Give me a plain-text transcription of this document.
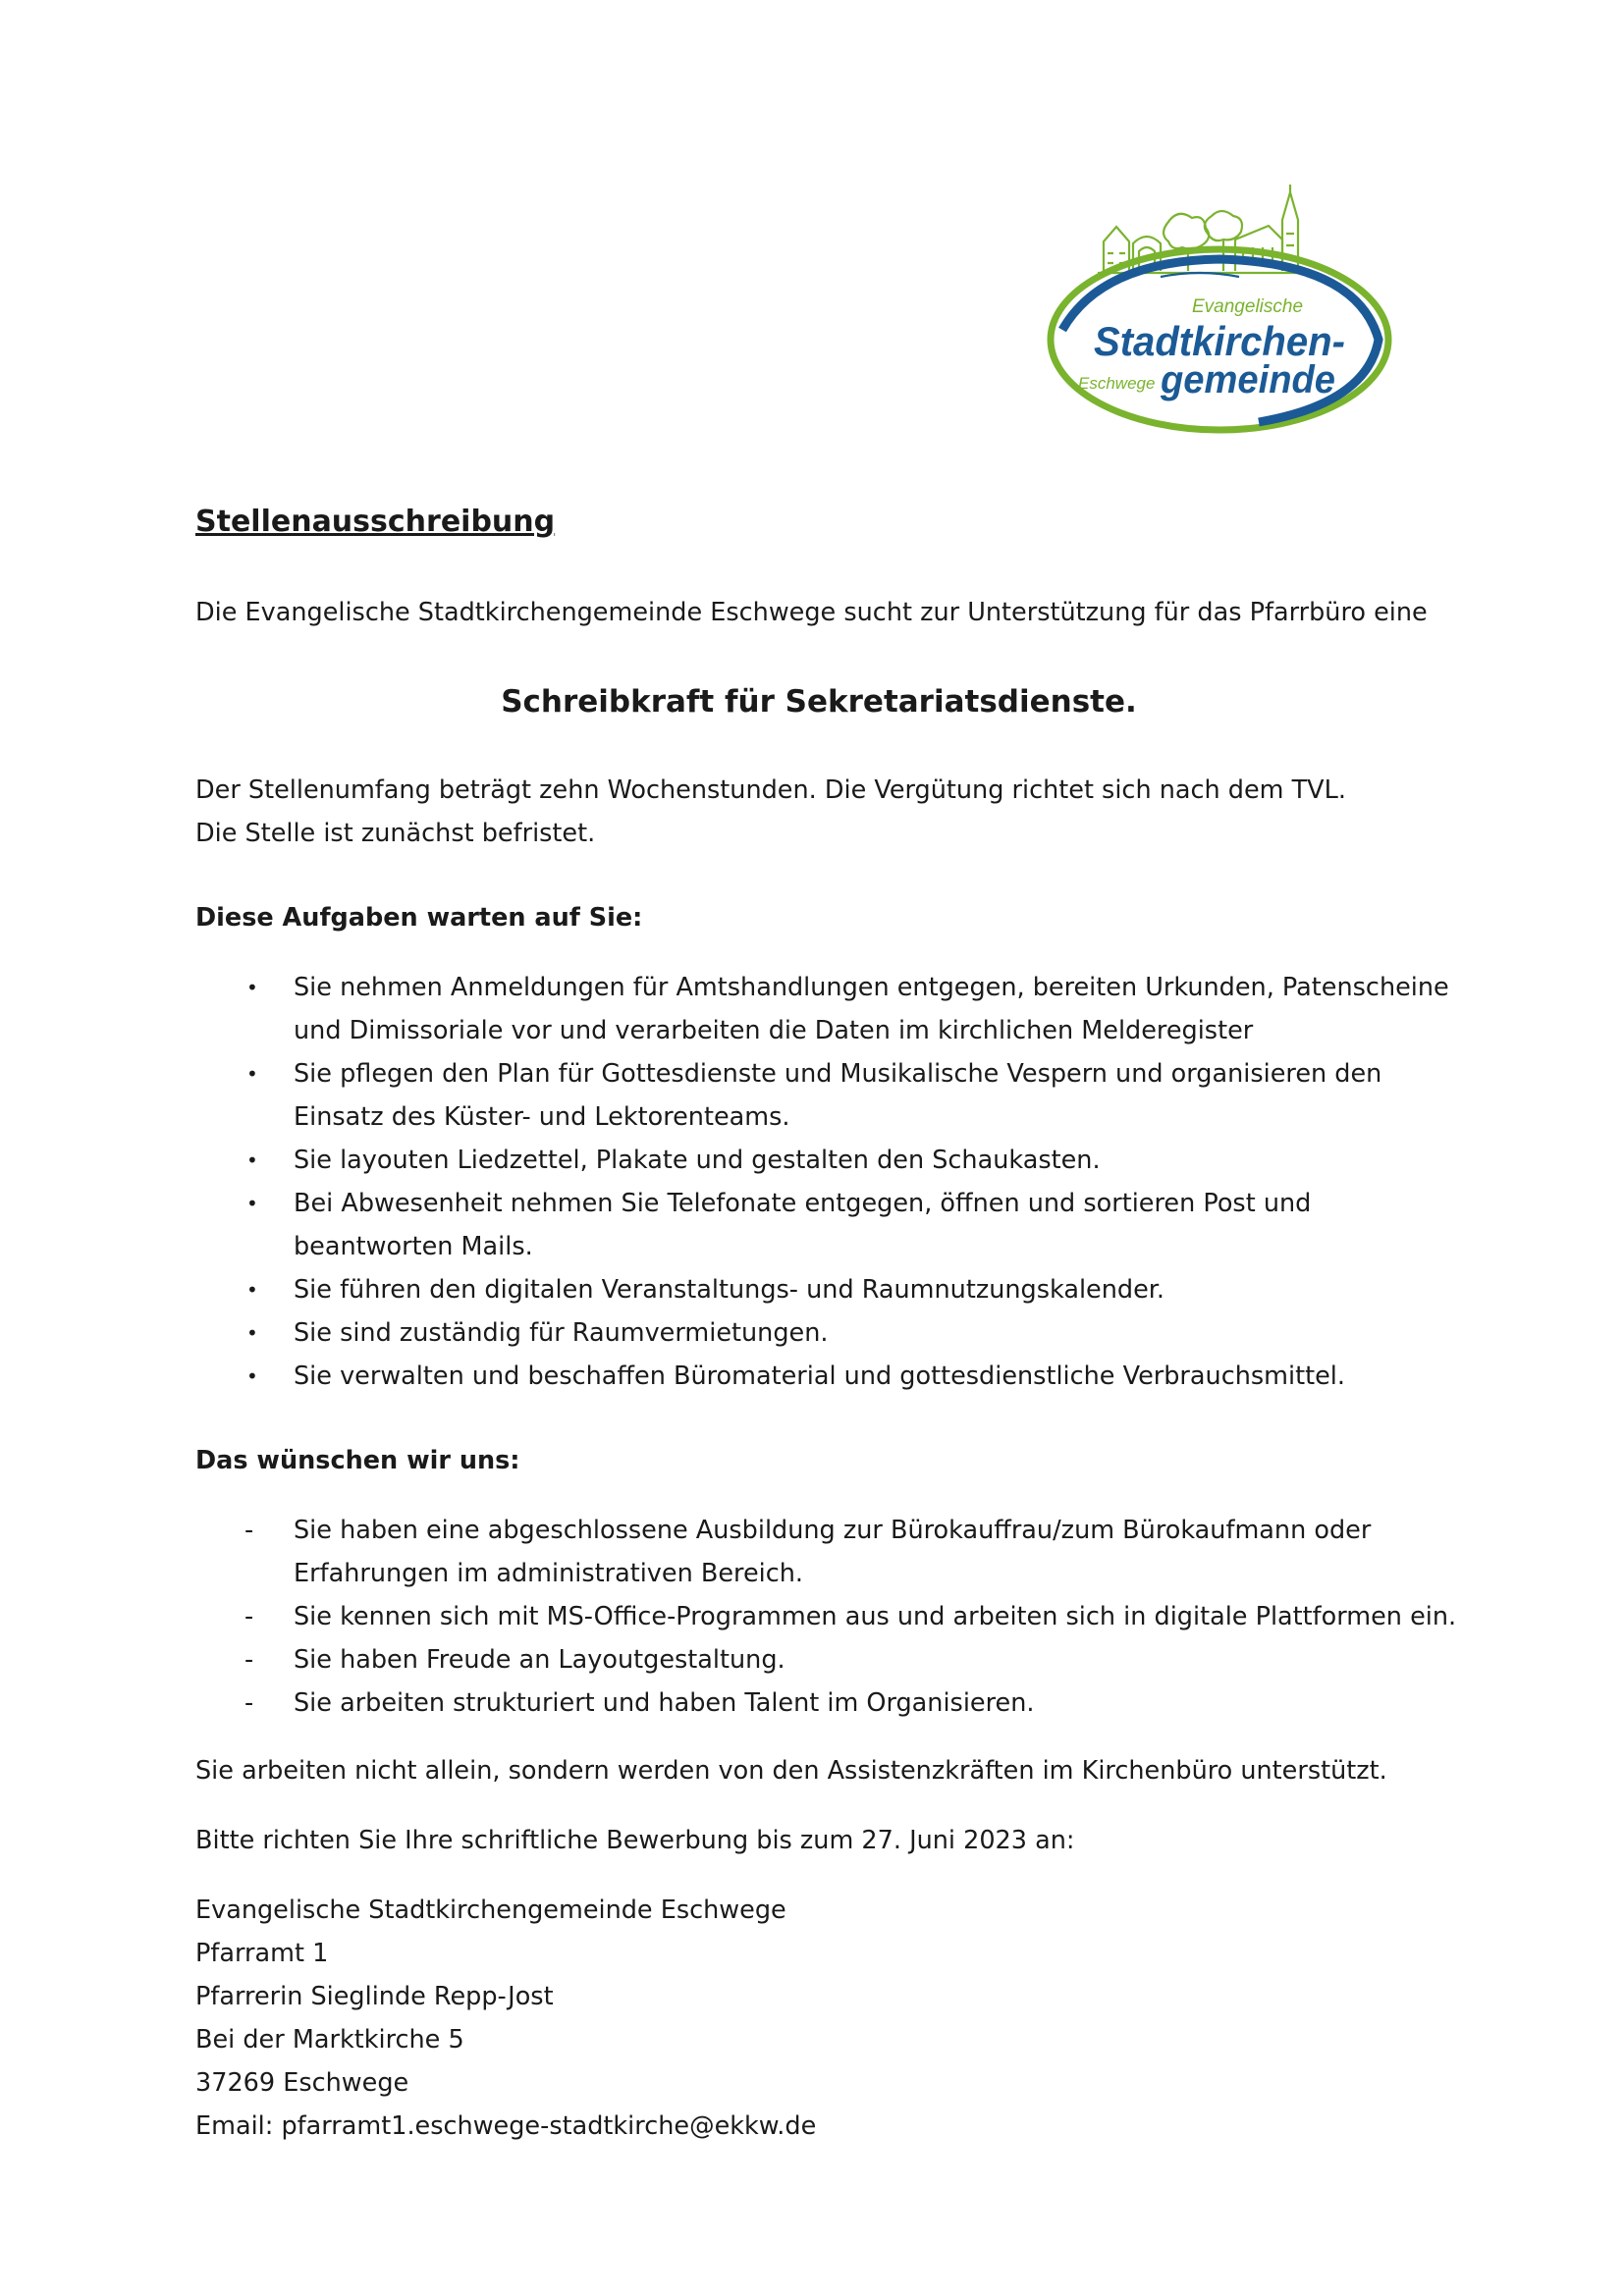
Evangelische
Stadtkirchen-
Eschwege gemeinde

Stellenausschreibung

Die Evangelische Stadtkirchengemeinde Eschwege sucht zur Unterstützung für das Pfarrbüro eine

Schreibkraft für Sekretariatsdienste.

Der Stellenumfang beträgt zehn Wochenstunden. Die Vergütung richtet sich nach dem TVL.

Die Stelle ist zunächst befristet.

Diese Aufgaben warten auf Sie:

• Sie nehmen Anmeldungen für Amtshandlungen entgegen, bereiten Urkunden, Patenscheine und Dimissoriale vor und verarbeiten die Daten im kirchlichen Melderegister
• Sie pflegen den Plan für Gottesdienste und Musikalische Vespern und organisieren den Einsatz des Küster- und Lektorenteams.
• Sie layouten Liedzettel, Plakate und gestalten den Schaukasten.
• Bei Abwesenheit nehmen Sie Telefonate entgegen, öffnen und sortieren Post und beantworten Mails.
• Sie führen den digitalen Veranstaltungs- und Raumnutzungskalender.
• Sie sind zuständig für Raumvermietungen.
• Sie verwalten und beschaffen Büromaterial und gottesdienstliche Verbrauchsmittel.

Das wünschen wir uns:

- Sie haben eine abgeschlossene Ausbildung zur Bürokauffrau/zum Bürokaufmann oder Erfahrungen im administrativen Bereich.
- Sie kennen sich mit MS-Office-Programmen aus und arbeiten sich in digitale Plattformen ein.
- Sie haben Freude an Layoutgestaltung.
- Sie arbeiten strukturiert und haben Talent im Organisieren.

Sie arbeiten nicht allein, sondern werden von den Assistenzkräften im Kirchenbüro unterstützt.

Bitte richten Sie Ihre schriftliche Bewerbung bis zum 27. Juni 2023 an:

Evangelische Stadtkirchengemeinde Eschwege

Pfarramt 1

Pfarrerin Sieglinde Repp-Jost

Bei der Marktkirche 5

37269 Eschwege

Email: pfarramt1.eschwege-stadtkirche@ekkw.de
